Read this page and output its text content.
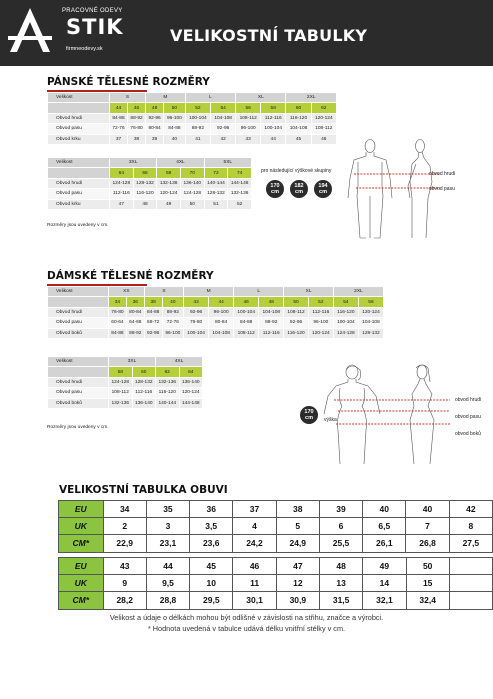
PRACOVNÉ ODEVY
STIK
firmneodevy.sk
VELIKOSTNÍ TABULKY
PÁNSKÉ TĚLESNÉ ROZMĚRY
Velikost	S		M		L		XL		2XL	
	44	46	48	50	52	54	56	58	60	62
Obvod hrudi	84-88	88-92	92-96	96-100	100-104	104-108	108-112	112-116	116-120	120-124
Obvod pasu	72-76	76-80	80-84	84-88	88-92	92-96	96-100	100-104	104-108	108-112
Obvod krku	37	38	39	40	41	42	43	44	45	46
Velikost	3XL		4XL		5XL	
	64	66	68	70	72	74
Obvod hrudi	124-128	128-132	132-136	136-140	140-144	144-148
Obvod pasu	112-116	116-120	120-124	124-128	128-132	132-136
Obvod krku	47	48	49	50	51	52
Rozměry jsou uvedeny v cm.
pro následující výškové skupiny
170
cm
182
cm
194
cm
obvod hrudi
obvod pasu
DÁMSKÉ TĚLESNÉ ROZMĚRY
Velikost	XS		S		M		L		XL		2XL	
	34	36	38	40	42	44	46	48	50	52	54	56
Obvod hrudi	76-80	80-84	84-88	88-92	92-96	96-100	100-104	104-108	108-112	112-116	116-120	120-124
Obvod pasu	60-64	64-68	68-72	72-76	76-80	80-84	84-88	88-92	92-96	96-100	100-104	104-108
Obvod boků	84-88	88-92	92-96	96-100	100-104	104-108	108-112	112-116	116-120	120-124	124-128	128-132
Velikost	3XL		4XL	
	58	60	62	64
Obvod hrudi	124-128	128-132	132-136	136-140
Obvod pasu	108-112	112-116	116-120	120-124
Obvod boků	132-136	136-140	140-144	144-148
Rozměry jsou uvedeny v cm.
170
cm	výška
obvod hrudi
obvod pasu
obvod boků
VELIKOSTNÍ TABULKA OBUVI
EU	34	35	36	37	38	39	40	40	42
UK	2	3	3,5	4	5	6	6,5	7	8
CM*	22,9	23,1	23,6	24,2	24,9	25,5	26,1	26,8	27,5
EU	43	44	45	46	47	48	49	50	
UK	9	9,5	10	11	12	13	14	15	
CM*	28,2	28,8	29,5	30,1	30,9	31,5	32,1	32,4	
Velikost a údaje o délkách mohou být odlišné v závislosti na střihu, značce a výrobci.
* Hodnota uvedená v tabulce udává délku vnitřní stélky v cm.
